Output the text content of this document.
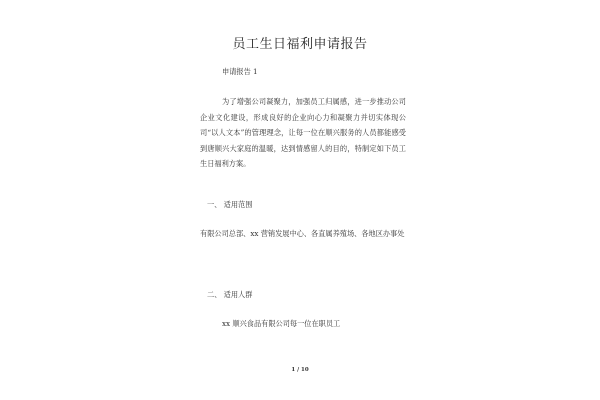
员工生日福利申请报告
申请报告 1
为了增强公司凝聚力，加强员工归属感，进一步推动公司企业文化建设，形成良好的企业向心力和凝聚力并切实体现公司“以人文本”的管理理念，让每一位在顺兴服务的人员都能感受到唐顺兴大家庭的温暖，达到情感留人的目的，特制定如下员工生日福利方案。
一、 适用范围
有限公司总部、xx 营销发展中心、各直属养殖场、各地区办事处
二、 适用人群
xx 顺兴食品有限公司每一位在职员工
1 / 10
